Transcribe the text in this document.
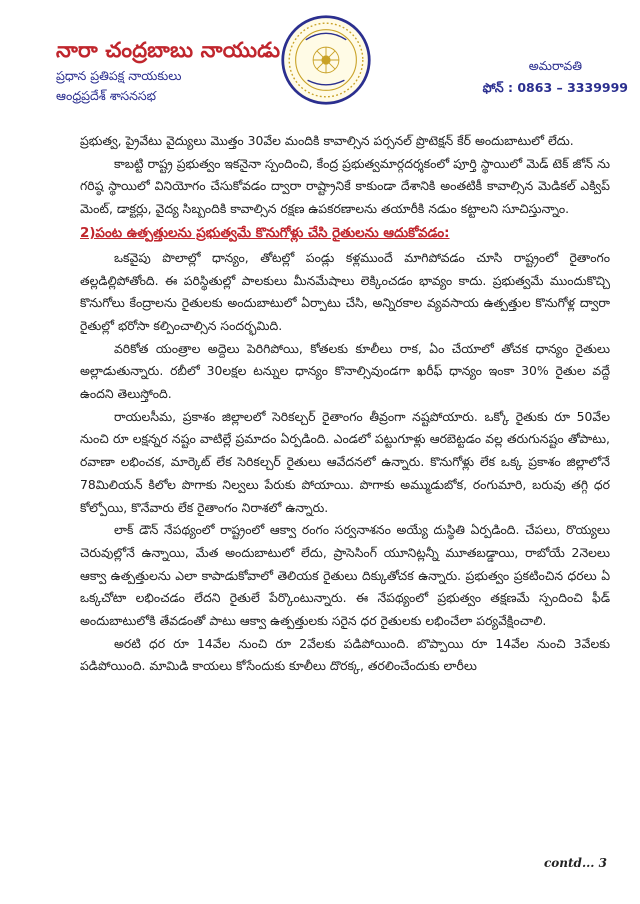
నారా చంద్రబాబు నాయుడు
ప్రధాన ప్రతిపక్ష నాయకులు
ఆంధ్రప్రదేశ్ శాసనసభ
అమరావతి
ఫోన్ : 0863 – 3339999

ప్రభుత్వ, ప్రైవేటు వైద్యులు మొత్తం 30వేల మందికి కావాల్సిన పర్సనల్ ప్రొటెక్షన్ కేర్ అందుబాటులో లేదు.

కాబట్టి రాష్ట్ర ప్రభుత్వం ఇకనైనా స్పందించి, కేంద్ర ప్రభుత్వమార్గదర్శకంలో పూర్తి స్థాయిలో మెడ్ టెక్ జోన్ ను గరిష్ఠ స్థాయిలో వినియోగం చేసుకోవడం ద్వారా రాష్ట్రానికే కాకుండా దేశానికి అంతటికీ కావాల్సిన మెడికల్ ఎక్విప్ మెంట్, డాక్టర్లు, వైద్య సిబ్బందికి కావాల్సిన రక్షణ ఉపకరణాలను తయారీకి నడుం కట్టాలని సూచిస్తున్నాం.

2)పంట ఉత్పత్తులను ప్రభుత్వమే కొనుగోళ్లు చేసి రైతులను ఆదుకోవడం:

ఒకవైపు పొలాల్లో ధాన్యం, తోటల్లో పండ్లు కళ్లముందే మాగిపోవడం చూసి రాష్ట్రంలో రైతాంగం తల్లడిల్లిపోతోంది. ఈ పరిస్థితుల్లో పాలకులు మీనమేషాలు లెక్కించడం భావ్యం కాదు. ప్రభుత్వమే ముందుకొచ్చి కొనుగోలు కేంద్రాలను రైతులకు అందుబాటులో ఏర్పాటు చేసి, అన్నిరకాల వ్యవసాయ ఉత్పత్తుల కొనుగోళ్ల ద్వారా రైతుల్లో భరోసా కల్పించాల్సిన సందర్భమిది.

వరికోత యంత్రాల అద్దెలు పెరిగిపోయి, కోతలకు కూలీలు రాక, ఏం చేయాలో తోచక ధాన్యం రైతులు అల్లాడుతున్నారు. రబీలో 30లక్షల టన్నుల ధాన్యం కొనాల్సివుండగా ఖరీఫ్ ధాన్యం ఇంకా 30% రైతుల వద్దే ఉందని తెలుస్తోంది.

రాయలసీమ, ప్రకాశం జిల్లాలలో సెరికల్చర్ రైతాంగం తీవ్రంగా నష్టపోయారు. ఒక్కో రైతుకు రూ 50వేల నుంచి రూ లక్షన్నర నష్టం వాటిల్లే ప్రమాదం ఏర్పడింది. ఎండలో పట్టుగూళ్లు ఆరబెట్టడం వల్ల తరుగునష్టం తోపాటు, రవాణా లభించక, మార్కెట్ లేక సెరికల్చర్ రైతులు ఆవేదనలో ఉన్నారు. కొనుగోళ్లు లేక ఒక్క ప్రకాశం జిల్లాలోనే 78మిలియన్ కిలోల పొగాకు నిల్వలు పేరుకు పోయాయి. పొగాకు అమ్ముడుబోక, రంగుమారి, బరువు తగ్గి ధర కోల్పోయి, కొనేవారు లేక రైతాంగం నిరాశలో ఉన్నారు.

లాక్ డౌన్ నేపథ్యంలో రాష్ట్రంలో ఆక్వా రంగం సర్వనాశనం అయ్యే దుస్థితి ఏర్పడింది. చేపలు, రొయ్యలు చెరువుల్లోనే ఉన్నాయి, మేత అందుబాటులో లేదు, ప్రాసెసింగ్ యూనిట్లన్నీ మూతబడ్డాయి, రాబోయే 2నెలలు ఆక్వా ఉత్పత్తులను ఎలా కాపాడుకోవాలో తెలియక రైతులు దిక్కుతోచక ఉన్నారు. ప్రభుత్వం ప్రకటించిన ధరలు ఏ ఒక్కచోటా లభించడం లేదని రైతులే పేర్కొంటున్నారు. ఈ నేపథ్యంలో ప్రభుత్వం తక్షణమే స్పందించి ఫీడ్ అందుబాటులోకి తేవడంతో పాటు ఆక్వా ఉత్పత్తులకు సరైన ధర రైతులకు లభించేలా పర్యవేక్షించాలి.

అరటి ధర రూ 14వేల నుంచి రూ 2వేలకు పడిపోయింది. బొప్పాయి రూ 14వేల నుంచి 3వేలకు పడిపోయింది. మామిడి కాయలు కోసేందుకు కూలీలు దొరక్క, తరలించేందుకు లారీలు

contd... 3
